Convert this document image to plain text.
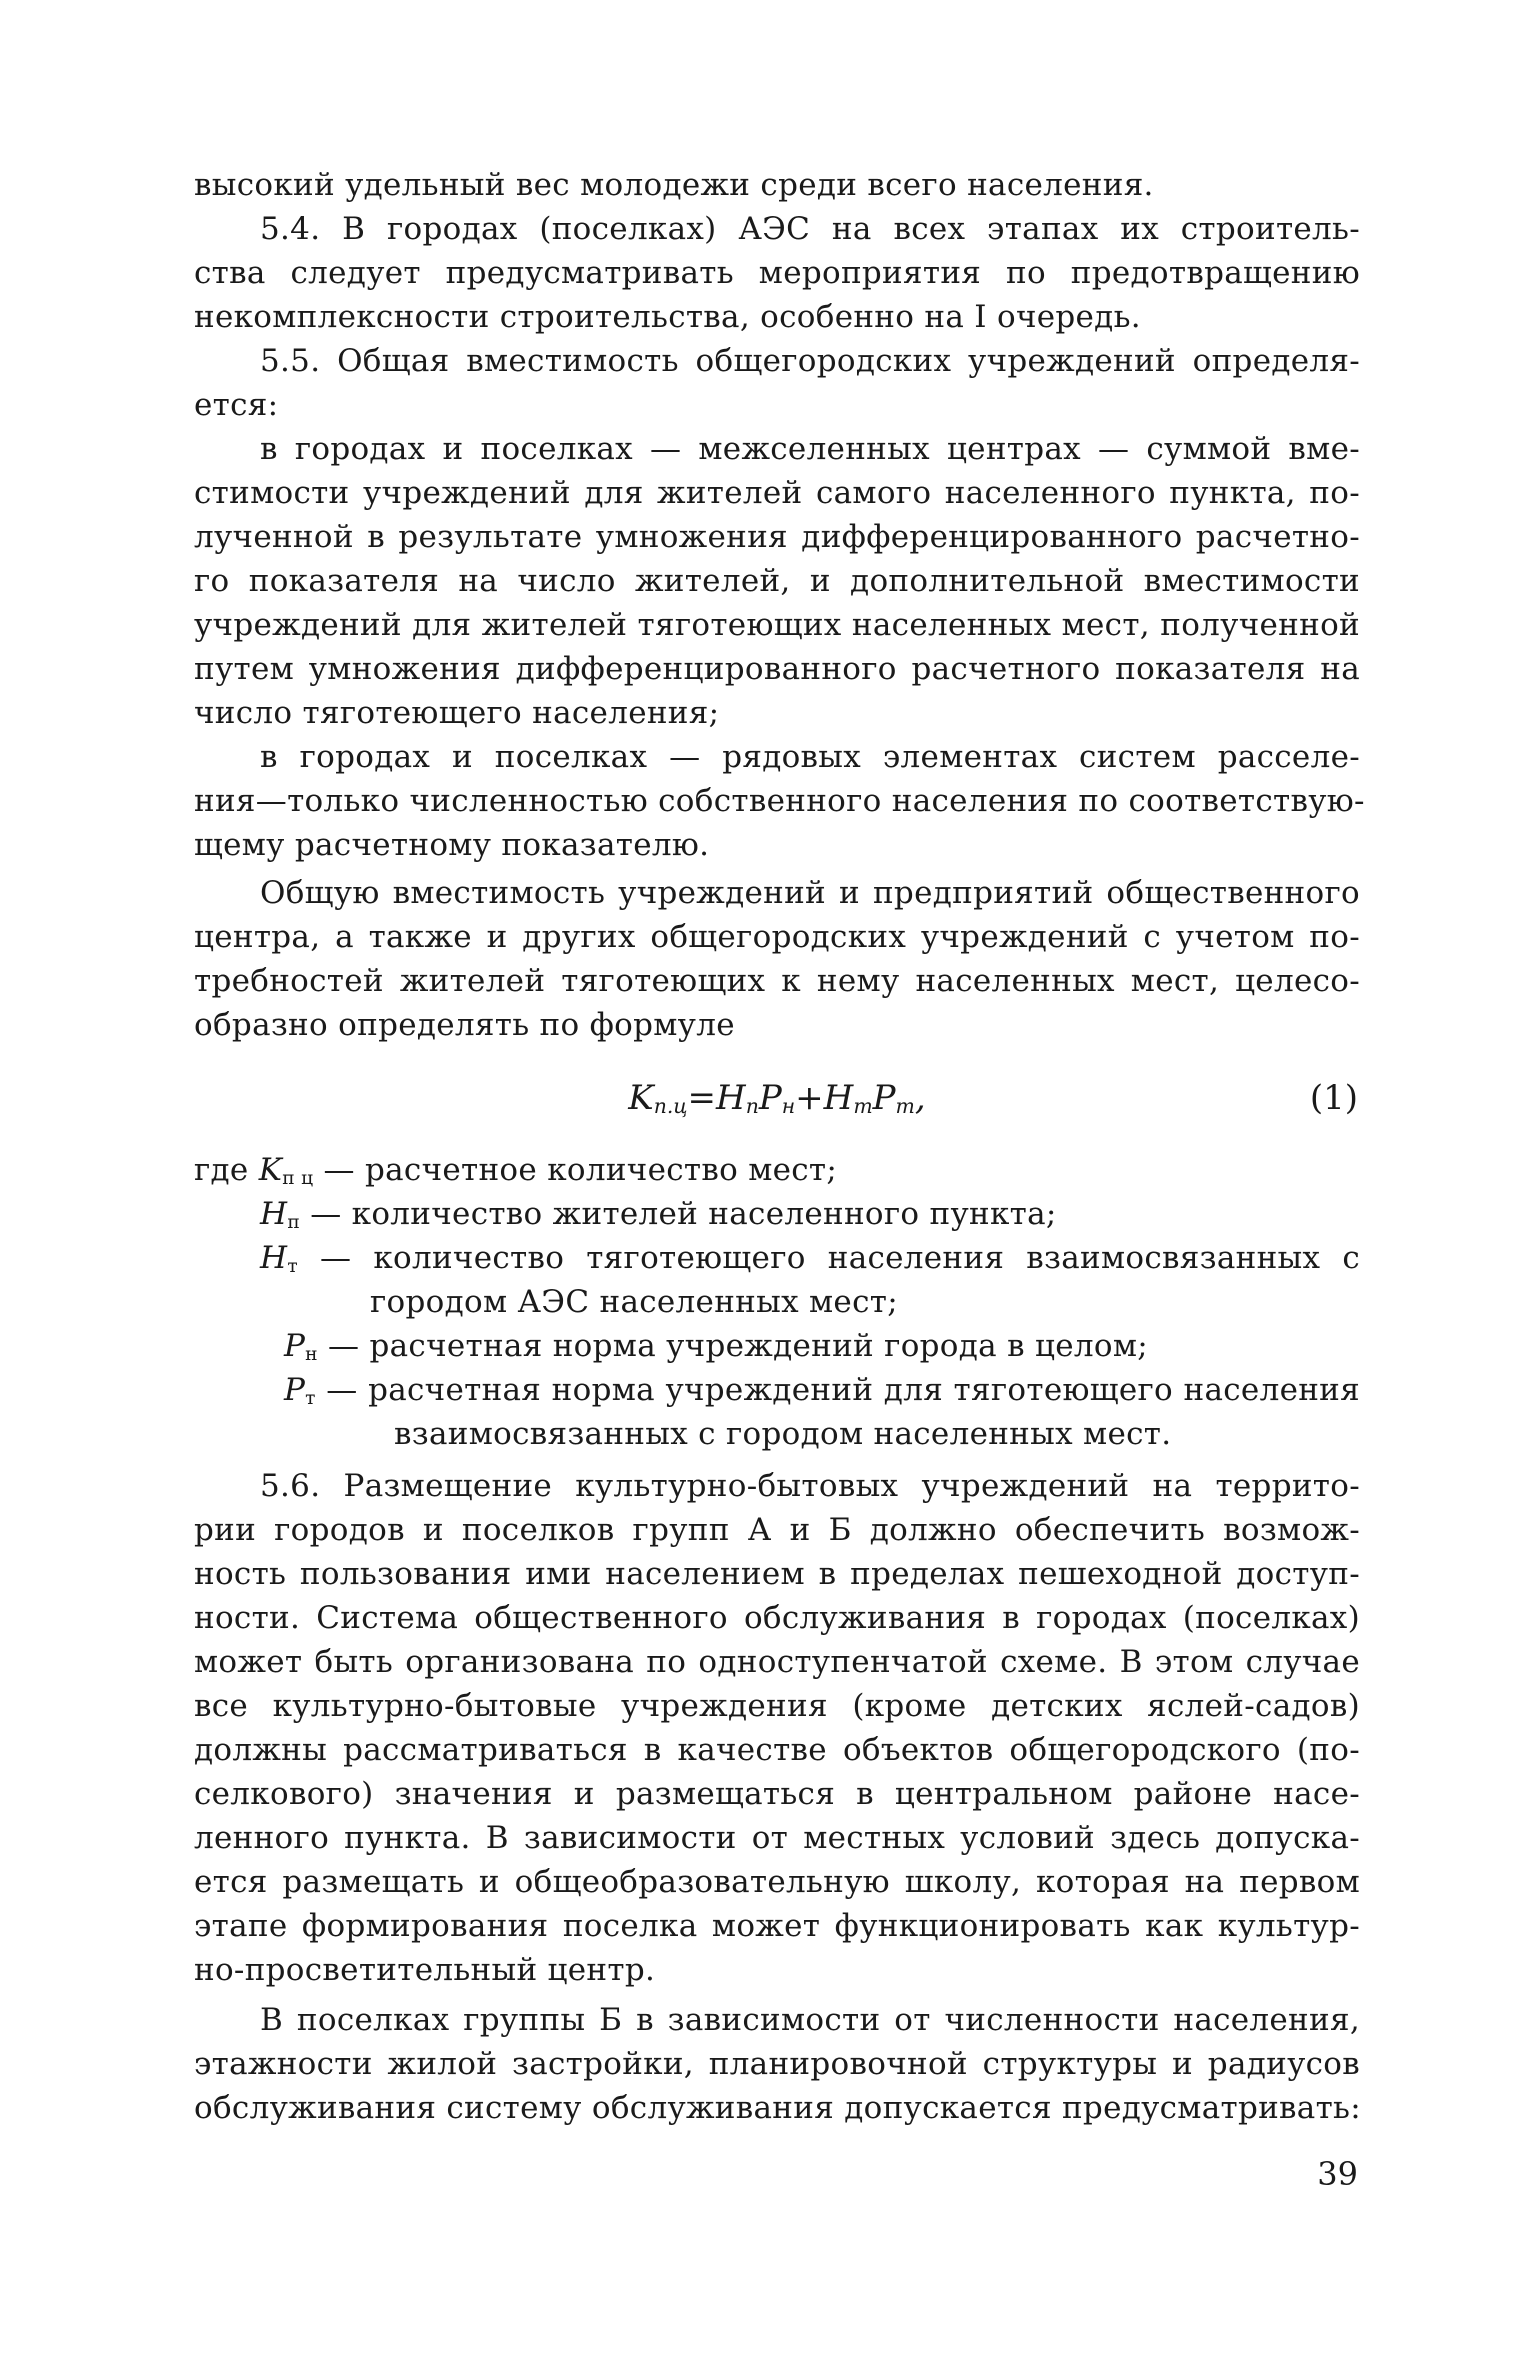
высокий удельный вес молодежи среди всего населения.
5.4. В городах (поселках) АЭС на всех этапах их строитель-
ства следует предусматривать мероприятия по предотвращению
некомплексности строительства, особенно на I очередь.
5.5. Общая вместимость общегородских учреждений определя-
ется:
в городах и поселках — межселенных центрах — суммой вме-
стимости учреждений для жителей самого населенного пункта, по-
лученной в результате умножения дифференцированного расчетно-
го показателя на число жителей, и дополнительной вместимости
учреждений для жителей тяготеющих населенных мест, полученной
путем умножения дифференцированного расчетного показателя на
число тяготеющего населения;
в городах и поселках — рядовых элементах систем расселе-
ния—только численностью собственного населения по соответствую-
щему расчетному показателю.
Общую вместимость учреждений и предприятий общественного
центра, а также и других общегородских учреждений с учетом по-
требностей жителей тяготеющих к нему населенных мест, целесо-
образно определять по формуле
$K_{п.ц}=H_пP_н+H_тP_т$,	(1)
где $K_{п ц}$ — расчетное количество мест;
$H_п$ — количество жителей населенного пункта;
$H_т$ — количество тяготеющего населения взаимосвязанных с
городом АЭС населенных мест;
$P_н$ — расчетная норма учреждений города в целом;
$P_т$ — расчетная норма учреждений для тяготеющего населения
взаимосвязанных с городом населенных мест.
5.6. Размещение культурно-бытовых учреждений на террито-
рии городов и поселков групп А и Б должно обеспечить возмож-
ность пользования ими населением в пределах пешеходной доступ-
ности. Система общественного обслуживания в городах (поселках)
может быть организована по одноступенчатой схеме. В этом случае
все культурно-бытовые учреждения (кроме детских яслей-садов)
должны рассматриваться в качестве объектов общегородского (по-
селкового) значения и размещаться в центральном районе насе-
ленного пункта. В зависимости от местных условий здесь допуска-
ется размещать и общеобразовательную школу, которая на первом
этапе формирования поселка может функционировать как культур-
но-просветительный центр.
В поселках группы Б в зависимости от численности населения,
этажности жилой застройки, планировочной структуры и радиусов
обслуживания систему обслуживания допускается предусматривать:
39
